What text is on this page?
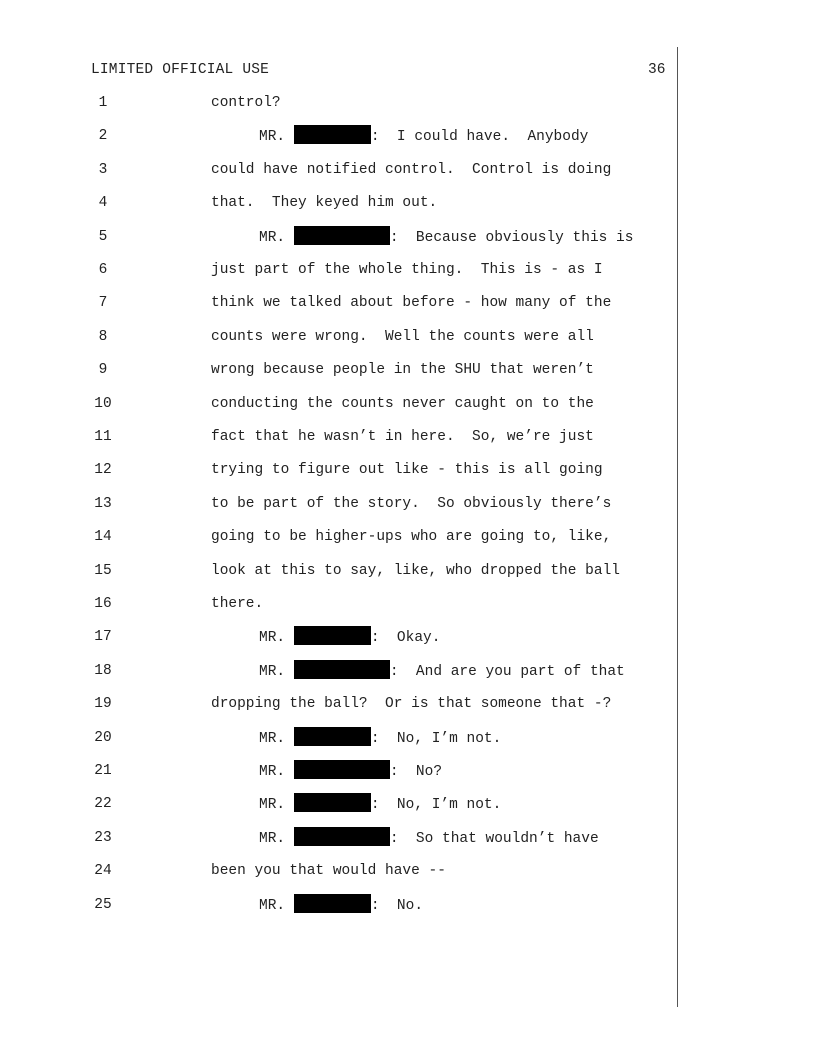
LIMITED OFFICIAL USE	36
1	control?
2	MR.	:  I could have.  Anybody
3	could have notified control.  Control is doing
4	that.  They keyed him out.
5	MR.	:  Because obviously this is
6	just part of the whole thing.  This is - as I
7	think we talked about before - how many of the
8	counts were wrong.  Well the counts were all
9	wrong because people in the SHU that weren’t
10	conducting the counts never caught on to the
11	fact that he wasn’t in here.  So, we’re just
12	trying to figure out like - this is all going
13	to be part of the story.  So obviously there’s
14	going to be higher-ups who are going to, like,
15	look at this to say, like, who dropped the ball
16	there.
17	MR.	:  Okay.
18	MR.	:  And are you part of that
19	dropping the ball?  Or is that someone that -?
20	MR.	:  No, I’m not.
21	MR.	:  No?
22	MR.	:  No, I’m not.
23	MR.	:  So that wouldn’t have
24	been you that would have --
25	MR.	:  No.
